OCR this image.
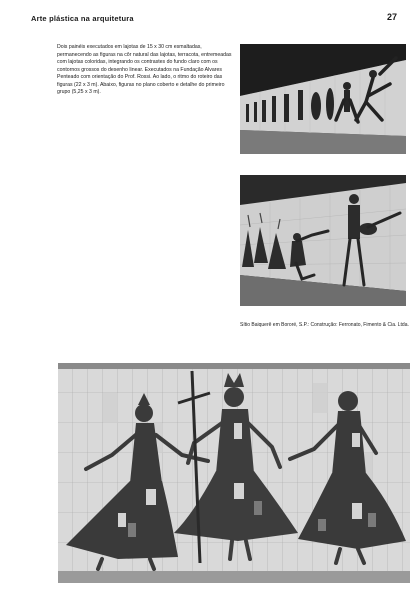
Arte plástica na arquitetura	27

Dois painéis executados em lajotas de 15 x 30 cm esmaltadas, permanecendo as figuras na côr natural das lajotas, terracota, entremeadas com lajotas coloridas, integrando os contrastes do fundo claro com os contornos grossos do desenho linear. Executados na Fundação Alvares Penteado com orientação do Prof. Rossi. Ao lado, o ritmo do roteiro das figuras (22 x 3 m). Abaixo, figuras no plano coberto e detalhe do primeiro grupo (5,25 x 3 m).

Sítio Baiquerê em Bororé, S.P.: Construção: Ferronato, Fimento & Cia. Ltda.
